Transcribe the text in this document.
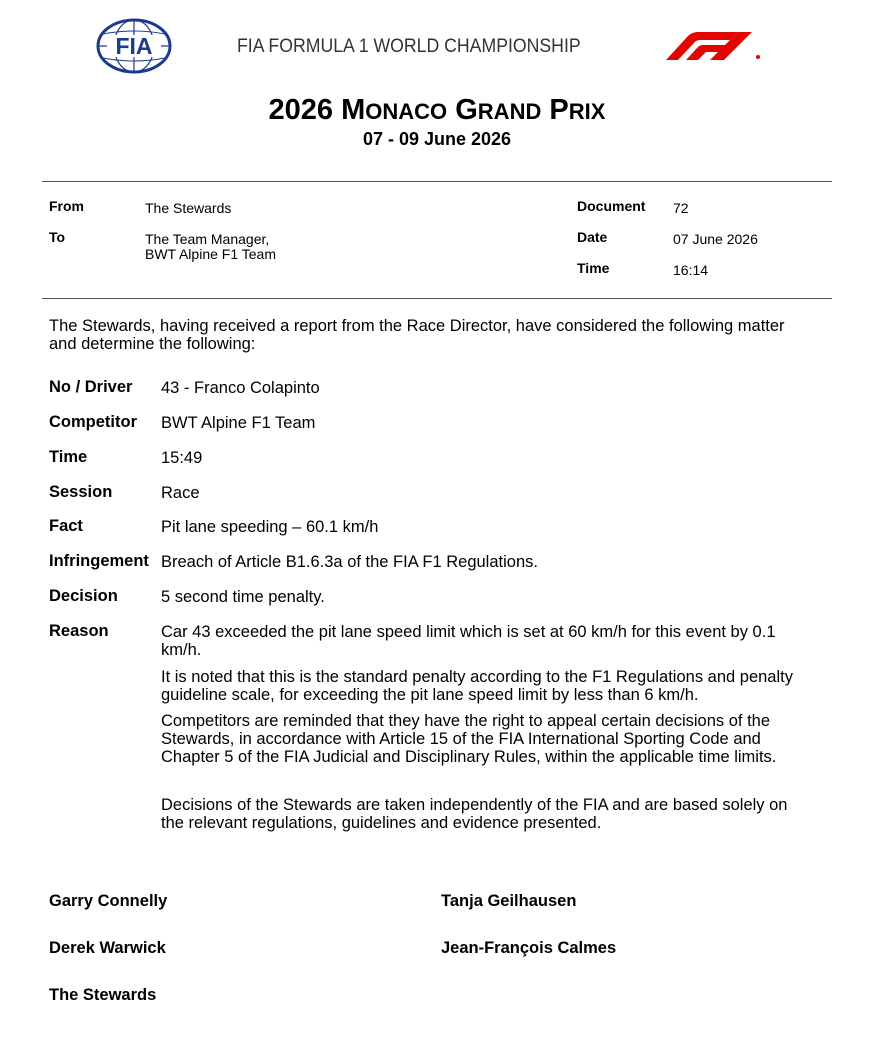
FIA	FIA FORMULA 1 WORLD CHAMPIONSHIP
2026 MONACO GRAND PRIX
07 - 09 June 2026
From	The Stewards
To	The Team Manager,
BWT Alpine F1 Team
Document 72
Date	07 June 2026
Time	16:14
The Stewards, having received a report from the Race Director, have considered the following matter and determine the following:
No / Driver 43 - Franco Colapinto
Competitor BWT Alpine F1 Team
Time	15:49
Session	Race
Fact	Pit lane speeding – 60.1 km/h
Infringement Breach of Article B1.6.3a of the FIA F1 Regulations.
Decision	5 second time penalty.
Reason	Car 43 exceeded the pit lane speed limit which is set at 60 km/h for this event by 0.1 km/h.
It is noted that this is the standard penalty according to the F1 Regulations and penalty guideline scale, for exceeding the pit lane speed limit by less than 6 km/h.
Competitors are reminded that they have the right to appeal certain decisions of the Stewards, in accordance with Article 15 of the FIA International Sporting Code and Chapter 5 of the FIA Judicial and Disciplinary Rules, within the applicable time limits.
Decisions of the Stewards are taken independently of the FIA and are based solely on the relevant regulations, guidelines and evidence presented.
Garry Connelly	Tanja Geilhausen
Derek Warwick	Jean-François Calmes
The Stewards
